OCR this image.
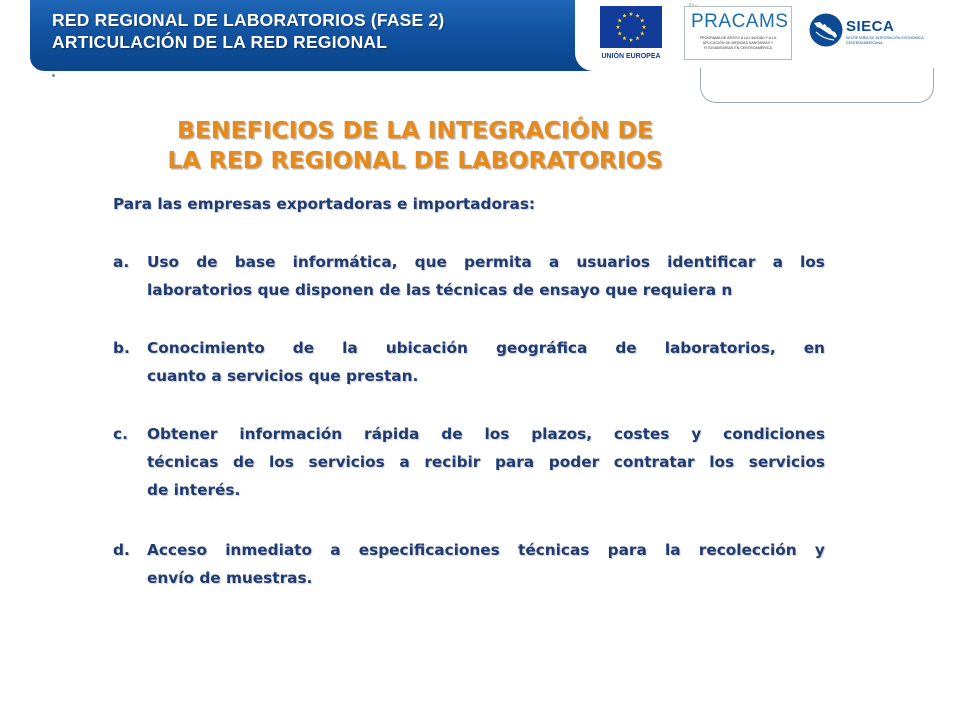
RED REGIONAL DE LABORATORIOS (FASE 2)
ARTICULACIÓN DE LA RED REGIONAL
UNIÓN EUROPEA
PRACAMS
PROGRAMA DE APOYO A LA CALIDAD Y A LA APLICACIÓN DE MEDIDAS SANITARIAS Y FITOSANITARIAS EN CENTROAMÉRICA
SIECA
SECRETARÍA DE INTEGRACIÓN ECONÓMICA CENTROAMERICANA
BENEFICIOS DE LA INTEGRACIÓN DE
LA RED REGIONAL DE LABORATORIOS
Para las empresas exportadoras e importadoras:
a.	Uso de base informática, que permita a usuarios identificar a los
laboratorios que disponen de las técnicas de ensayo que requiera n
b.	Conocimiento de la ubicación geográfica de laboratorios, en
cuanto a servicios que prestan.
c.	Obtener información rápida de los plazos, costes y condiciones
técnicas de los servicios a recibir para poder contratar los servicios
de interés.
d.	Acceso inmediato a especificaciones técnicas para la recolección y
envío de muestras.
